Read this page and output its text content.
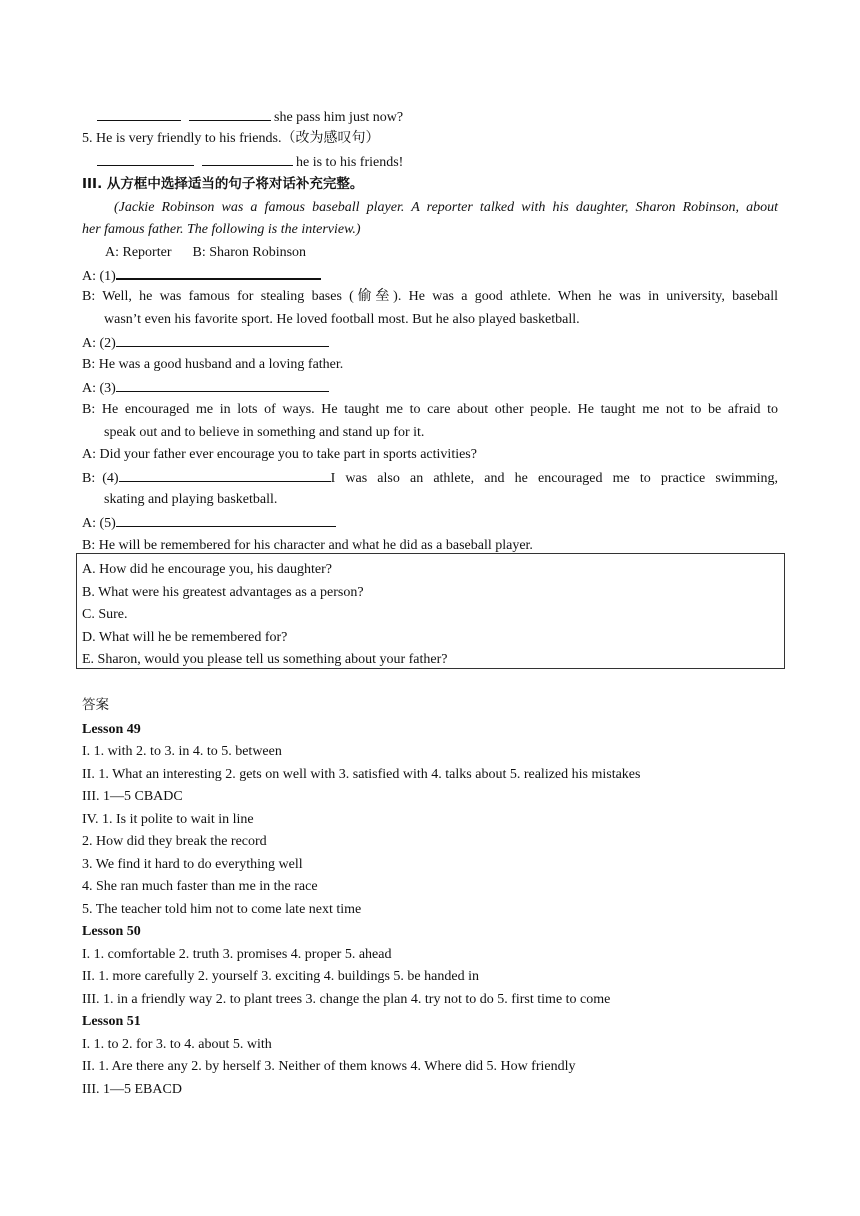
she pass him just now?
5. He is very friendly to his friends.（改为感叹句）
he is to his friends!
III. 从方框中选择适当的句子将对话补充完整。
(Jackie Robinson was a famous baseball player. A reporter talked with his daughter, Sharon Robinson, about
her famous father. The following is the interview.)
A: Reporter      B: Sharon Robinson
A: (1)
B: Well, he was famous for stealing bases (偷垒). He was a good athlete. When he was in university, baseball
wasn’t even his favorite sport. He loved football most. But he also played basketball.
A: (2)
B: He was a good husband and a loving father.
A: (3)
B: He encouraged me in lots of ways. He taught me to care about other people. He taught me not to be afraid to
speak out and to believe in something and stand up for it.
A: Did your father ever encourage you to take part in sports activities?
B:  (4)	I was also an athlete, and he encouraged me to practice swimming,
skating and playing basketball.
A: (5)
B: He will be remembered for his character and what he did as a baseball player.
A. How did he encourage you, his daughter?
B. What were his greatest advantages as a person?
C. Sure.
D. What will he be remembered for?
E. Sharon, would you please tell us something about your father?
答案
Lesson 49
I. 1. with 2. to 3. in 4. to 5. between
II. 1. What an interesting 2. gets on well with 3. satisfied with 4. talks about 5. realized his mistakes
III. 1—5 CBADC
IV. 1. Is it polite to wait in line
2. How did they break the record
3. We find it hard to do everything well
4. She ran much faster than me in the race
5. The teacher told him not to come late next time
Lesson 50
I. 1. comfortable 2. truth 3. promises 4. proper 5. ahead
II. 1. more carefully 2. yourself 3. exciting 4. buildings 5. be handed in
III. 1. in a friendly way 2. to plant trees 3. change the plan 4. try not to do 5. first time to come
Lesson 51
I. 1. to 2. for 3. to 4. about 5. with
II. 1. Are there any 2. by herself 3. Neither of them knows 4. Where did 5. How friendly
III. 1—5 EBACD
